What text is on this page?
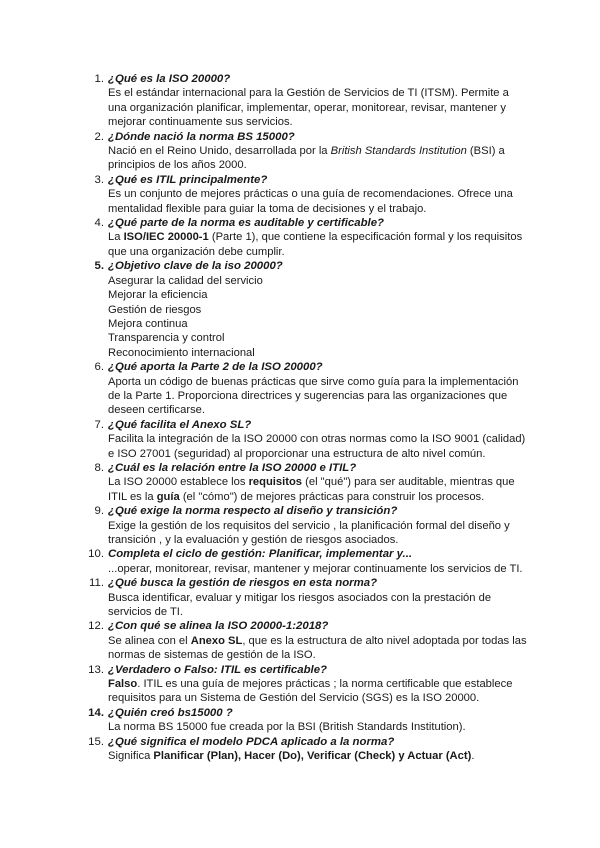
1. ¿Qué es la ISO 20000?
Es el estándar internacional para la Gestión de Servicios de TI (ITSM). Permite a
una organización planificar, implementar, operar, monitorear, revisar, mantener y
mejorar continuamente sus servicios.
2. ¿Dónde nació la norma BS 15000?
Nació en el Reino Unido, desarrollada por la British Standards Institution (BSI) a
principios de los años 2000.
3. ¿Qué es ITIL principalmente?
Es un conjunto de mejores prácticas o una guía de recomendaciones. Ofrece una
mentalidad flexible para guiar la toma de decisiones y el trabajo.
4. ¿Qué parte de la norma es auditable y certificable?
La ISO/IEC 20000-1 (Parte 1), que contiene la especificación formal y los requisitos
que una organización debe cumplir.
5. ¿Objetivo clave de la iso 20000?
Asegurar la calidad del servicio
Mejorar la eficiencia
Gestión de riesgos
Mejora continua
Transparencia y control
Reconocimiento internacional
6. ¿Qué aporta la Parte 2 de la ISO 20000?
Aporta un código de buenas prácticas que sirve como guía para la implementación
de la Parte 1. Proporciona directrices y sugerencias para las organizaciones que
deseen certificarse.
7. ¿Qué facilita el Anexo SL?
Facilita la integración de la ISO 20000 con otras normas como la ISO 9001 (calidad)
e ISO 27001 (seguridad) al proporcionar una estructura de alto nivel común.
8. ¿Cuál es la relación entre la ISO 20000 e ITIL?
La ISO 20000 establece los requisitos (el "qué") para ser auditable, mientras que
ITIL es la guía (el "cómo") de mejores prácticas para construir los procesos.
9. ¿Qué exige la norma respecto al diseño y transición?
Exige la gestión de los requisitos del servicio , la planificación formal del diseño y
transición , y la evaluación y gestión de riesgos asociados.
10. Completa el ciclo de gestión: Planificar, implementar y...
...operar, monitorear, revisar, mantener y mejorar continuamente los servicios de TI.
11. ¿Qué busca la gestión de riesgos en esta norma?
Busca identificar, evaluar y mitigar los riesgos asociados con la prestación de
servicios de TI.
12. ¿Con qué se alinea la ISO 20000-1:2018?
Se alinea con el Anexo SL, que es la estructura de alto nivel adoptada por todas las
normas de sistemas de gestión de la ISO.
13. ¿Verdadero o Falso: ITIL es certificable?
Falso. ITIL es una guía de mejores prácticas ; la norma certificable que establece
requisitos para un Sistema de Gestión del Servicio (SGS) es la ISO 20000.
14. ¿Quién creó bs15000 ?
La norma BS 15000 fue creada por la BSI (British Standards Institution).
15. ¿Qué significa el modelo PDCA aplicado a la norma?
Significa Planificar (Plan), Hacer (Do), Verificar (Check) y Actuar (Act).
